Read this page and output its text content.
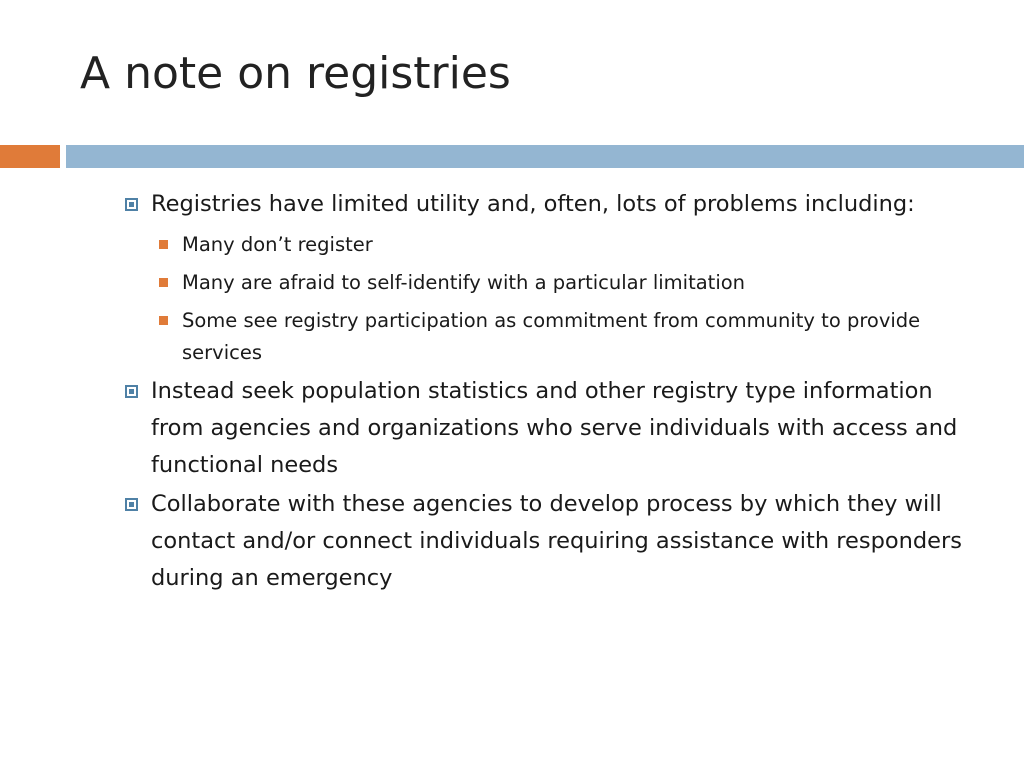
A note on registries
Registries have limited utility and, often, lots of problems including:
Many don’t register
Many are afraid to self-identify with a particular limitation
Some see registry participation as commitment from community to provide services
Instead seek population statistics and other registry type information from agencies and organizations who serve individuals with access and functional needs
Collaborate with these agencies to develop process by which they will contact and/or connect individuals requiring assistance with responders during an emergency
